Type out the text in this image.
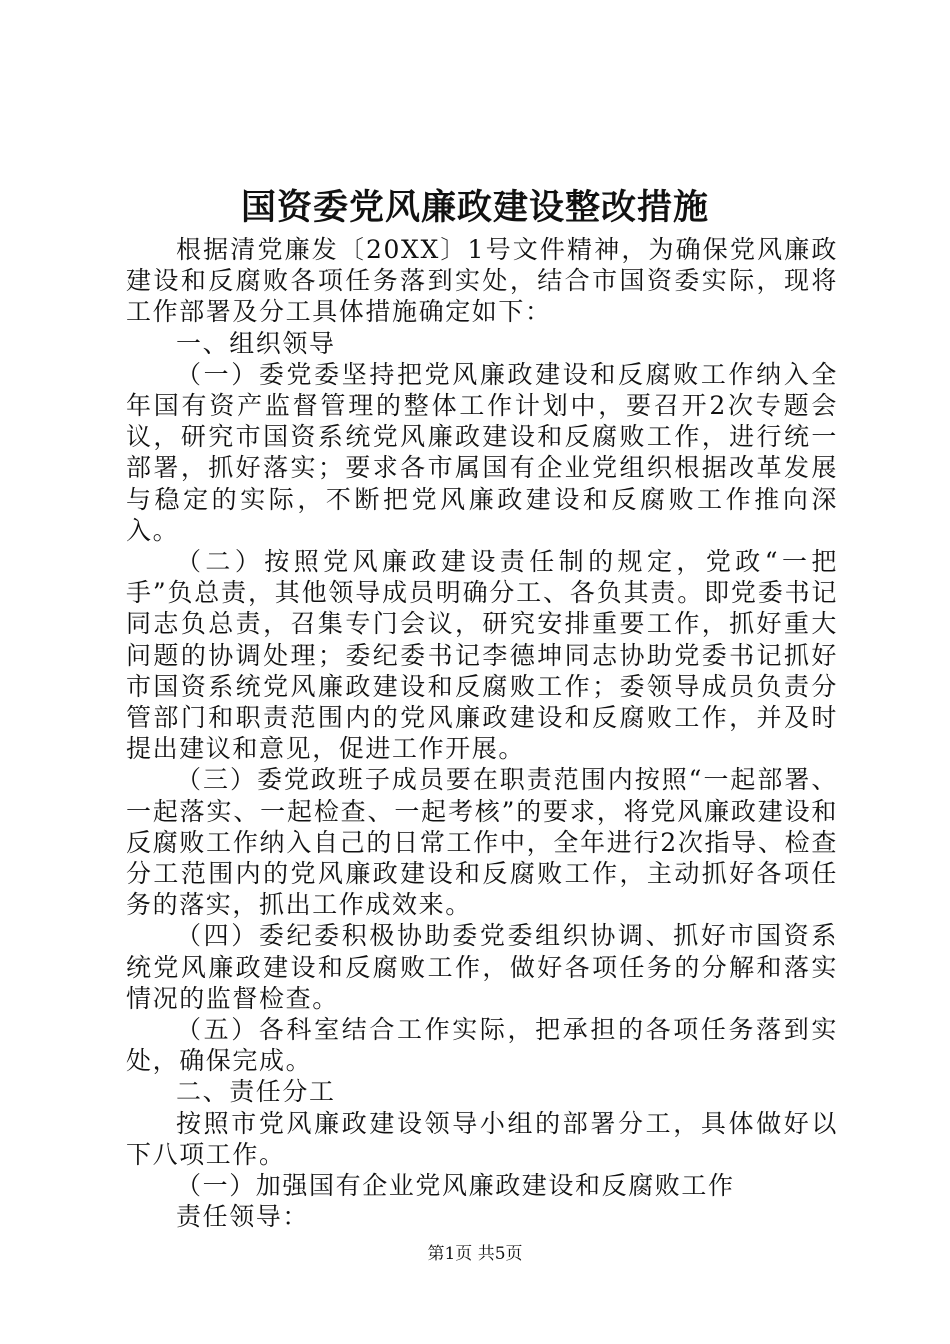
国资委党风廉政建设整改措施

根据清党廉发〔20XX〕1号文件精神，为确保党风廉政建设和反腐败各项任务落到实处，结合市国资委实际，现将工作部署及分工具体措施确定如下：

一、组织领导

（一）委党委坚持把党风廉政建设和反腐败工作纳入全年国有资产监督管理的整体工作计划中，要召开2次专题会议，研究市国资系统党风廉政建设和反腐败工作，进行统一部署，抓好落实；要求各市属国有企业党组织根据改革发展与稳定的实际，不断把党风廉政建设和反腐败工作推向深入。

（二）按照党风廉政建设责任制的规定，党政“一把手”负总责，其他领导成员明确分工、各负其责。即党委书记同志负总责，召集专门会议，研究安排重要工作，抓好重大问题的协调处理；委纪委书记李德坤同志协助党委书记抓好市国资系统党风廉政建设和反腐败工作；委领导成员负责分管部门和职责范围内的党风廉政建设和反腐败工作，并及时提出建议和意见，促进工作开展。

（三）委党政班子成员要在职责范围内按照“一起部署、一起落实、一起检查、一起考核”的要求，将党风廉政建设和反腐败工作纳入自己的日常工作中，全年进行2次指导、检查分工范围内的党风廉政建设和反腐败工作，主动抓好各项任务的落实，抓出工作成效来。

（四）委纪委积极协助委党委组织协调、抓好市国资系统党风廉政建设和反腐败工作，做好各项任务的分解和落实情况的监督检查。

（五）各科室结合工作实际，把承担的各项任务落到实处，确保完成。

二、责任分工

按照市党风廉政建设领导小组的部署分工，具体做好以下八项工作。

（一）加强国有企业党风廉政建设和反腐败工作

责任领导：

第1页 共5页
